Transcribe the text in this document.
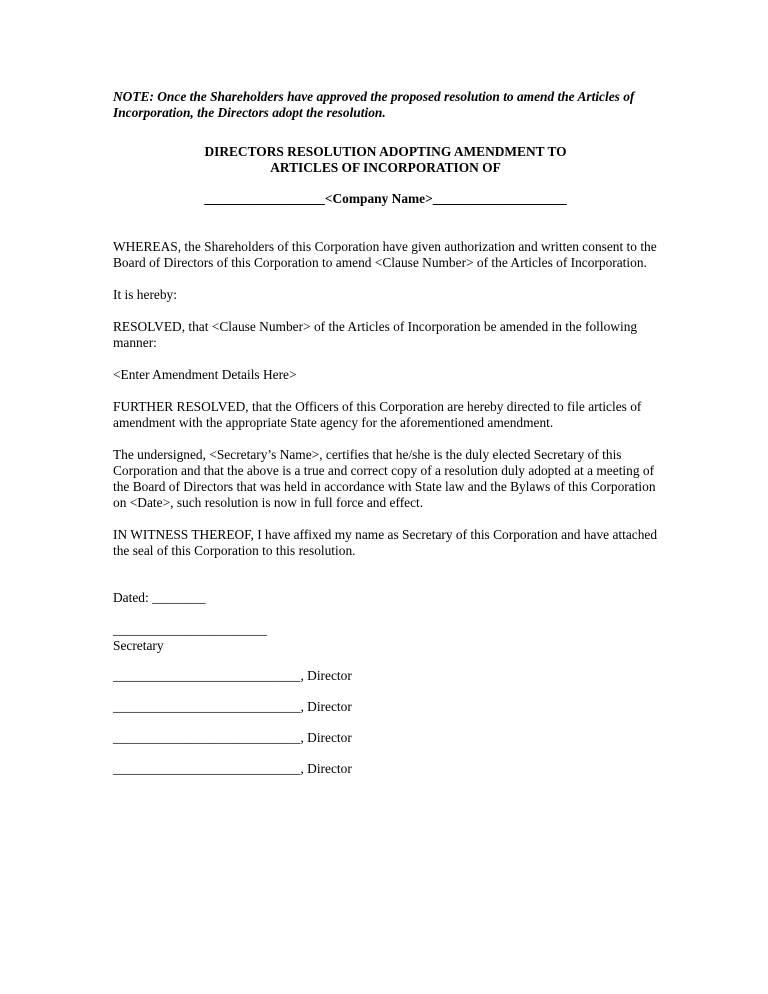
NOTE: Once the Shareholders have approved the proposed resolution to amend the Articles of Incorporation, the Directors adopt the resolution.

DIRECTORS RESOLUTION ADOPTING AMENDMENT TO
ARTICLES OF INCORPORATION OF
__________________<Company Name>____________________

WHEREAS, the Shareholders of this Corporation have given authorization and written consent to the Board of Directors of this Corporation to amend <Clause Number> of the Articles of Incorporation.

It is hereby:

RESOLVED, that <Clause Number> of the Articles of Incorporation be amended in the following manner:

<Enter Amendment Details Here>

FURTHER RESOLVED, that the Officers of this Corporation are hereby directed to file articles of amendment with the appropriate State agency for the aforementioned amendment.

The undersigned, <Secretary’s Name>, certifies that he/she is the duly elected Secretary of this Corporation and that the above is a true and correct copy of a resolution duly adopted at a meeting of the Board of Directors that was held in accordance with State law and the Bylaws of this Corporation on <Date>, such resolution is now in full force and effect.

IN WITNESS THEREOF, I have affixed my name as Secretary of this Corporation and have attached the seal of this Corporation to this resolution.

Dated: ________

_______________________
Secretary

____________________________, Director

____________________________, Director

____________________________, Director

____________________________, Director
